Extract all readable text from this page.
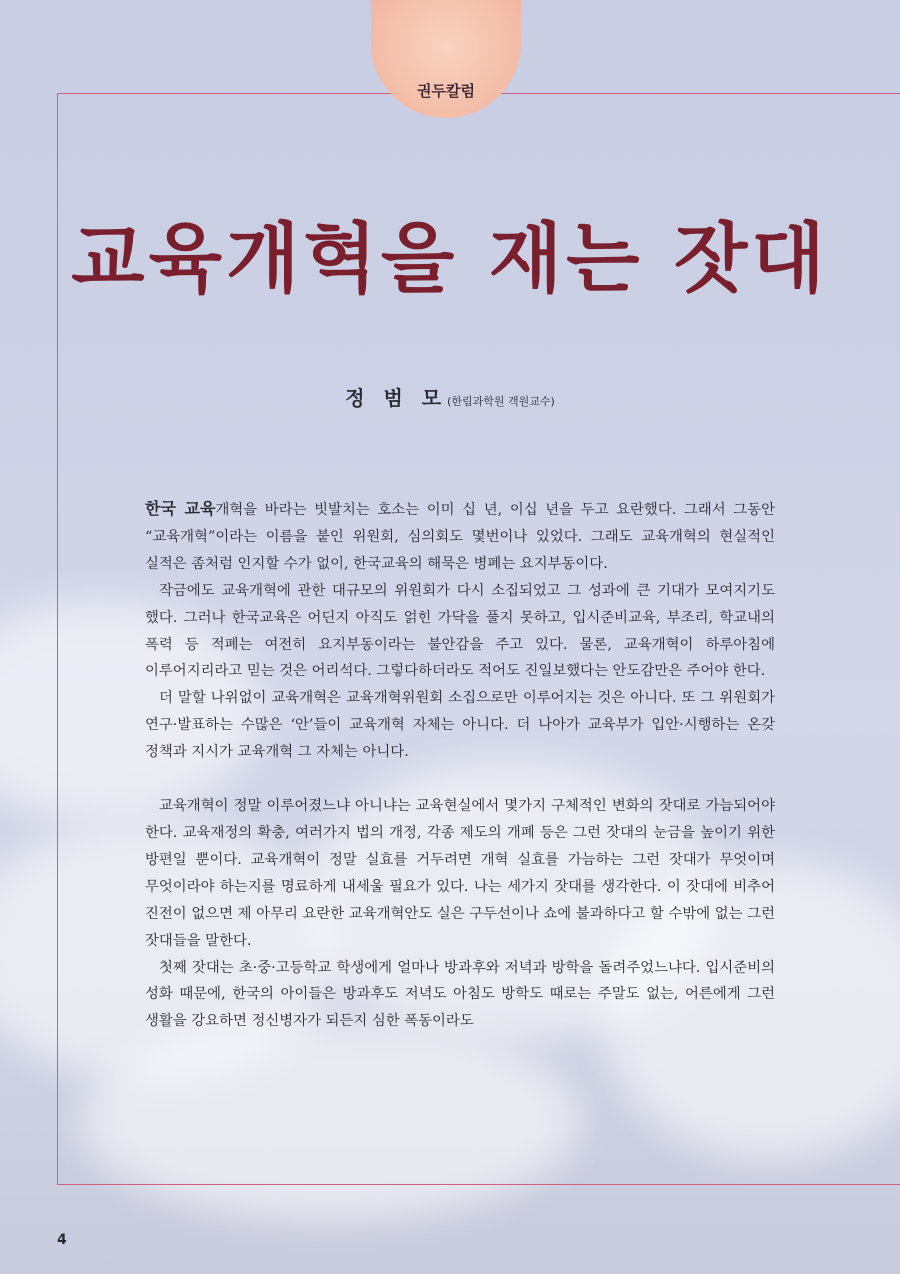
권두칼럼
교육개혁을 재는 잣대
정 범 모(한림과학원 객원교수)

한국 교육개혁을 바라는 빗발치는 호소는 이미 십 년, 이십 년을 두고 요란했다. 그래서 그동안 “교육개혁”이라는 이름을 붙인 위원회, 심의회도 몇번이나 있었다. 그래도 교육개혁의 현실적인 실적은 좀처럼 인지할 수가 없이, 한국교육의 해묵은 병폐는 요지부동이다.

작금에도 교육개혁에 관한 대규모의 위원회가 다시 소집되었고 그 성과에 큰 기대가 모여지기도 했다. 그러나 한국교육은 어딘지 아직도 얽힌 가닥을 풀지 못하고, 입시준비교육, 부조리, 학교내의 폭력 등 적폐는 여전히 요지부동이라는 불안감을 주고 있다. 물론, 교육개혁이 하루아침에 이루어지리라고 믿는 것은 어리석다. 그렇다하더라도 적어도 진일보했다는 안도감만은 주어야 한다.

더 말할 나위없이 교육개혁은 교육개혁위원회 소집으로만 이루어지는 것은 아니다. 또 그 위원회가 연구·발표하는 수많은 ‘안’들이 교육개혁 자체는 아니다. 더 나아가 교육부가 입안·시행하는 온갖 정책과 지시가 교육개혁 그 자체는 아니다.

교육개혁이 정말 이루어졌느냐 아니냐는 교육현실에서 몇가지 구체적인 변화의 잣대로 가늠되어야 한다. 교육재정의 확충, 여러가지 법의 개정, 각종 제도의 개폐 등은 그런 잣대의 눈금을 높이기 위한 방편일 뿐이다. 교육개혁이 정말 실효를 거두려면 개혁 실효를 가늠하는 그런 잣대가 무엇이며 무엇이라야 하는지를 명료하게 내세울 필요가 있다. 나는 세가지 잣대를 생각한다. 이 잣대에 비추어 진전이 없으면 제 아무리 요란한 교육개혁안도 실은 구두선이나 쇼에 불과하다고 할 수밖에 없는 그런 잣대들을 말한다.

첫째 잣대는 초·중·고등학교 학생에게 얼마나 방과후와 저녁과 방학을 돌려주었느냐다. 입시준비의 성화 때문에, 한국의 아이들은 방과후도 저녁도 아침도 방학도 때로는 주말도 없는, 어른에게 그런 생활을 강요하면 정신병자가 되든지 심한 폭동이라도

4
